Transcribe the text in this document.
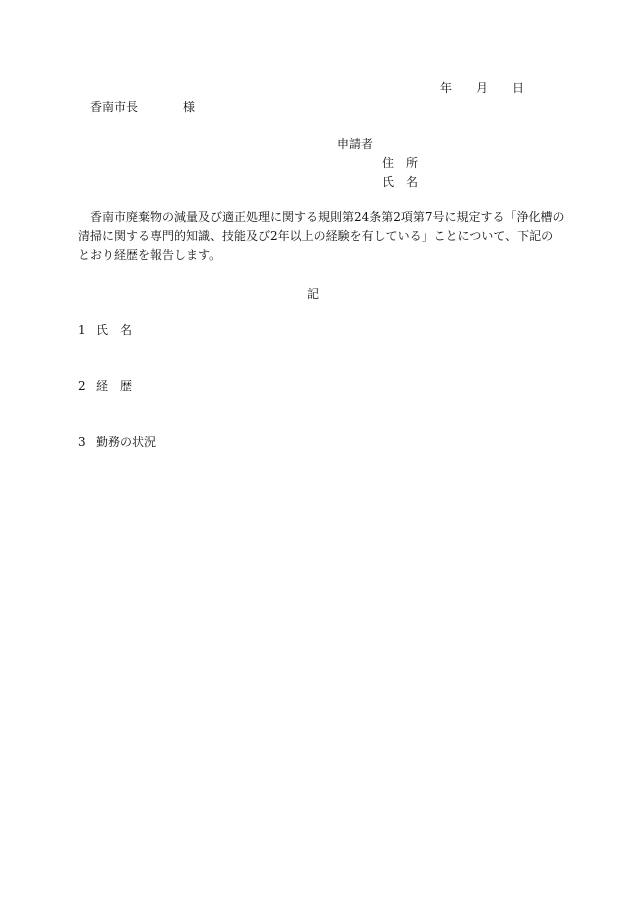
年 月 日
香南市長	様
申請者
住　所
氏　名
香南市廃棄物の減量及び適正処理に関する規則第24条第2項第7号に規定する「浄化槽の
清掃に関する専門的知識、技能及び2年以上の経験を有している」ことについて、下記の
とおり経歴を報告します。
記
1 氏　名
2 経　歴
3 勤務の状況
